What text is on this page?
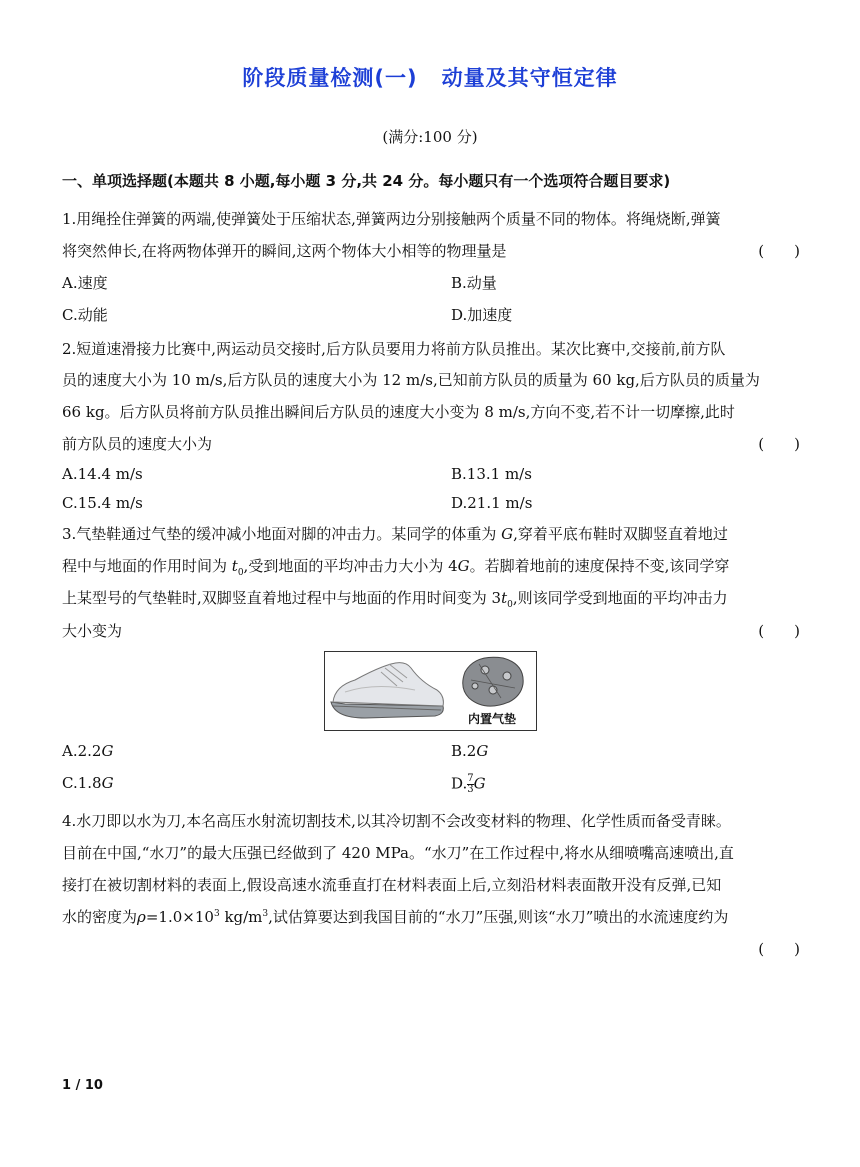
阶段质量检测(一) 动量及其守恒定律
(满分:100 分)
一、单项选择题(本题共 8 小题,每小题 3 分,共 24 分。每小题只有一个选项符合题目要求)
1.用绳拴住弹簧的两端,使弹簧处于压缩状态,弹簧两边分别接触两个质量不同的物体。将绳烧断,弹簧
将突然伸长,在将两物体弹开的瞬间,这两个物体大小相等的物理量是	(　　)
A.速度	B.动量
C.动能	D.加速度
2.短道速滑接力比赛中,两运动员交接时,后方队员要用力将前方队员推出。某次比赛中,交接前,前方队
员的速度大小为 10 m/s,后方队员的速度大小为 12 m/s,已知前方队员的质量为 60 kg,后方队员的质量为
66 kg。后方队员将前方队员推出瞬间后方队员的速度大小变为 8 m/s,方向不变,若不计一切摩擦,此时
前方队员的速度大小为	(　　)
A.14.4 m/s	B.13.1 m/s
C.15.4 m/s	D.21.1 m/s
3.气垫鞋通过气垫的缓冲减小地面对脚的冲击力。某同学的体重为 G,穿着平底布鞋时双脚竖直着地过
程中与地面的作用时间为 $t_0$,受到地面的平均冲击力大小为 4G。若脚着地前的速度保持不变,该同学穿
上某型号的气垫鞋时,双脚竖直着地过程中与地面的作用时间变为 $3t_0$,则该同学受到地面的平均冲击力
大小变为	(　　)
内置气垫
A.2.2G	B.2G
C.1.8G	D. $\frac{7}{3}$ G
4.水刀即以水为刀,本名高压水射流切割技术,以其冷切割不会改变材料的物理、化学性质而备受青睐。
目前在中国,“水刀”的最大压强已经做到了 420 MPa。“水刀”在工作过程中,将水从细喷嘴高速喷出,直
接打在被切割材料的表面上,假设高速水流垂直打在材料表面上后,立刻沿材料表面散开没有反弹,已知
水的密度为$\rho=1.0\times 10^3$ $kg/m^3$,试估算要达到我国目前的“水刀”压强,则该“水刀”喷出的水流速度约为
(　　)
1 / 10
